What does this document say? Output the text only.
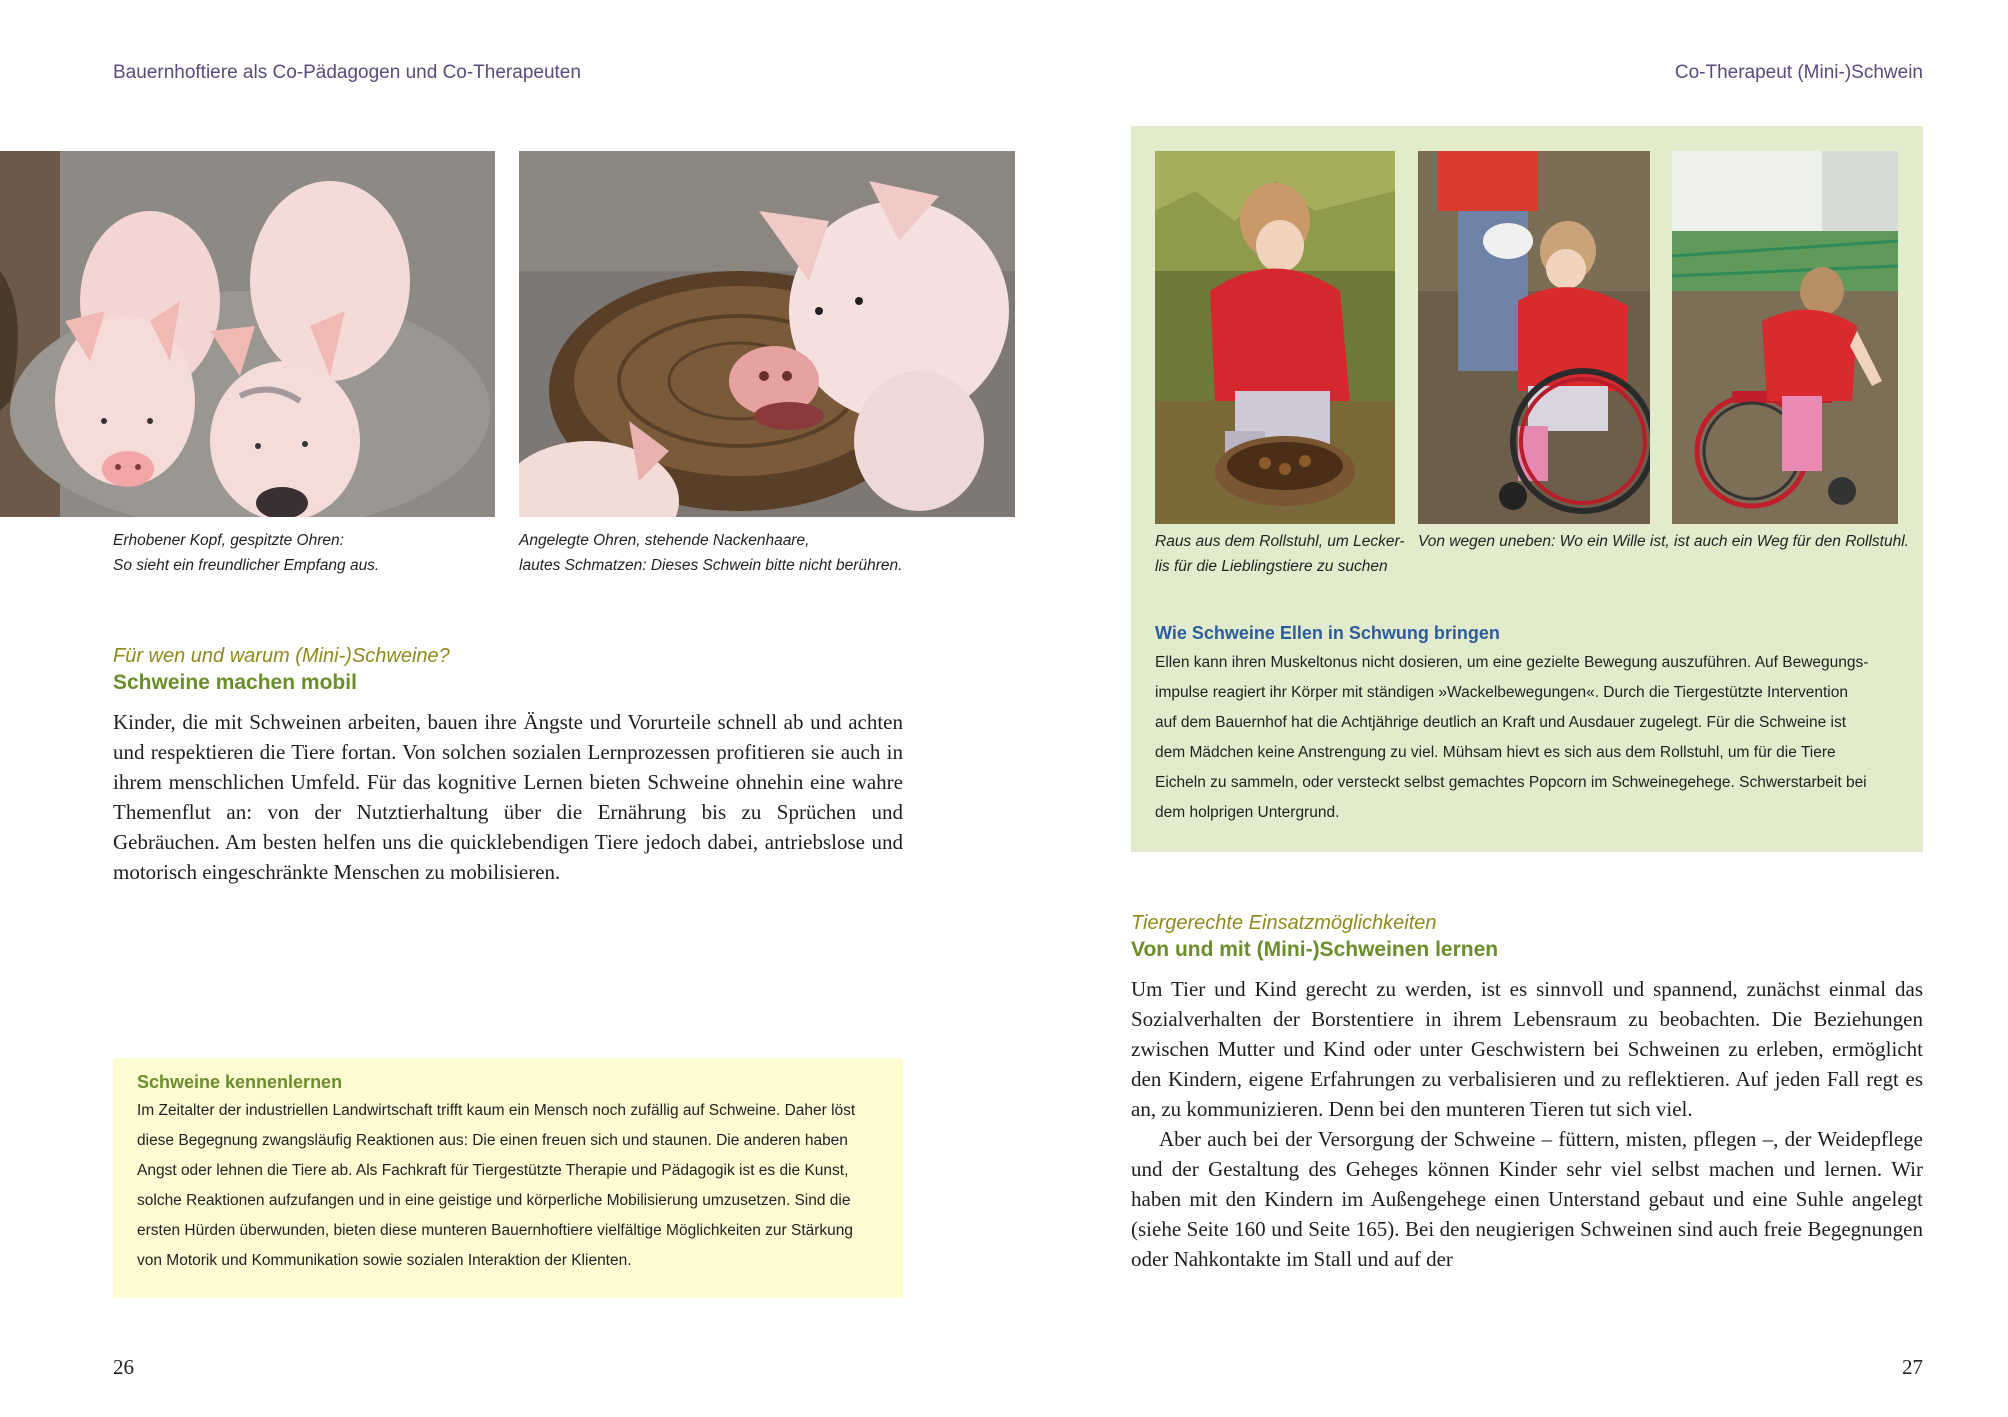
Bauernhoftiere als Co-Pädagogen und Co-Therapeuten
Erhobener Kopf, gespitzte Ohren:
So sieht ein freundlicher Empfang aus.
Angelegte Ohren, stehende Nackenhaare,
lautes Schmatzen: Dieses Schwein bitte nicht berühren.
Für wen und warum (Mini-)Schweine?
Schweine machen mobil

Kinder, die mit Schweinen arbeiten, bauen ihre Ängste und Vorurteile schnell ab und achten und respektieren die Tiere fortan. Von solchen sozialen Lernprozessen profitieren sie auch in ihrem menschlichen Umfeld. Für das kognitive Lernen bieten Schweine ohnehin eine wahre Themenflut an: von der Nutztierhaltung über die Ernährung bis zu Sprüchen und Gebräuchen. Am besten helfen uns die quicklebendigen Tiere jedoch dabei, antriebslose und motorisch eingeschränkte Menschen zu mobilisieren.

Schweine kennenlernen
Im Zeitalter der industriellen Landwirtschaft trifft kaum ein Mensch noch zufällig auf Schweine. Daher löst
diese Begegnung zwangsläufig Reaktionen aus: Die einen freuen sich und staunen. Die anderen haben
Angst oder lehnen die Tiere ab. Als Fachkraft für Tiergestützte Therapie und Pädagogik ist es die Kunst,
solche Reaktionen aufzufangen und in eine geistige und körperliche Mobilisierung umzusetzen. Sind die
ersten Hürden überwunden, bieten diese munteren Bauernhoftiere vielfältige Möglichkeiten zur Stärkung
von Motorik und Kommunikation sowie sozialen Interaktion der Klienten.
26
Co-Therapeut (Mini-)Schwein
Raus aus dem Rollstuhl, um Lecker-
lis für die Lieblingstiere zu suchen
Von wegen uneben: Wo ein Wille ist, ist auch ein Weg für den Rollstuhl.
Wie Schweine Ellen in Schwung bringen
Ellen kann ihren Muskeltonus nicht dosieren, um eine gezielte Bewegung auszuführen. Auf Bewegungs-
impulse reagiert ihr Körper mit ständigen »Wackelbewegungen«. Durch die Tiergestützte Intervention
auf dem Bauernhof hat die Achtjährige deutlich an Kraft und Ausdauer zugelegt. Für die Schweine ist
dem Mädchen keine Anstrengung zu viel. Mühsam hievt es sich aus dem Rollstuhl, um für die Tiere
Eicheln zu sammeln, oder versteckt selbst gemachtes Popcorn im Schweinegehege. Schwerstarbeit bei
dem holprigen Untergrund.
Tiergerechte Einsatzmöglichkeiten
Von und mit (Mini-)Schweinen lernen

Um Tier und Kind gerecht zu werden, ist es sinnvoll und spannend, zunächst einmal das Sozialverhalten der Borstentiere in ihrem Lebensraum zu beobachten. Die Beziehungen zwischen Mutter und Kind oder unter Geschwistern bei Schweinen zu erleben, ermöglicht den Kindern, eigene Erfahrungen zu verbalisieren und zu reflektieren. Auf jeden Fall regt es an, zu kommunizieren. Denn bei den munteren Tieren tut sich viel.

Aber auch bei der Versorgung der Schweine – füttern, misten, pflegen –, der Weidepflege und der Gestaltung des Geheges können Kinder sehr viel selbst machen und lernen. Wir haben mit den Kindern im Außengehege einen Unterstand gebaut und eine Suhle angelegt (siehe Seite 160 und Seite 165). Bei den neugierigen Schweinen sind auch freie Begegnungen oder Nahkontakte im Stall und auf der

27
